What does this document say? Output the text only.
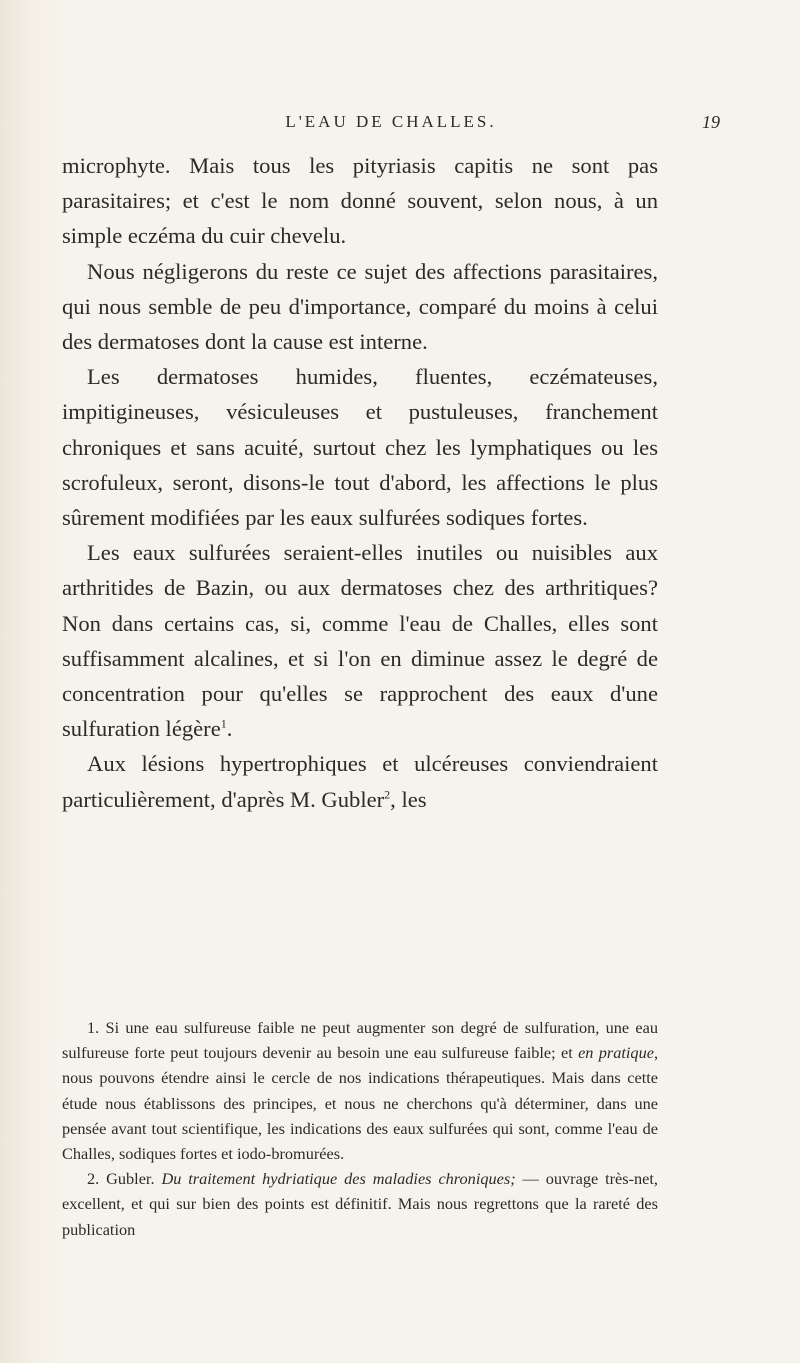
L'EAU DE CHALLES.	19

microphyte. Mais tous les pityriasis capitis ne sont pas parasitaires; et c'est le nom donné souvent, selon nous, à un simple eczéma du cuir chevelu.

Nous négligerons du reste ce sujet des affections parasitaires, qui nous semble de peu d'importance, comparé du moins à celui des dermatoses dont la cause est interne.

Les dermatoses humides, fluentes, eczémateuses, impitigineuses, vésiculeuses et pustuleuses, franchement chroniques et sans acuité, surtout chez les lymphatiques ou les scrofuleux, seront, disons-le tout d'abord, les affections le plus sûrement modifiées par les eaux sulfurées sodiques fortes.

Les eaux sulfurées seraient-elles inutiles ou nuisibles aux arthritides de Bazin, ou aux dermatoses chez des arthritiques? Non dans certains cas, si, comme l'eau de Challes, elles sont suffisamment alcalines, et si l'on en diminue assez le degré de concentration pour qu'elles se rapprochent des eaux d'une sulfuration légère$^1$.

Aux lésions hypertrophiques et ulcéreuses conviendraient particulièrement, d'après M. Gubler$^2$, les

1. Si une eau sulfureuse faible ne peut augmenter son degré de sulfuration, une eau sulfureuse forte peut toujours devenir au besoin une eau sulfureuse faible; et en pratique, nous pouvons étendre ainsi le cercle de nos indications thérapeutiques. Mais dans cette étude nous établissons des principes, et nous ne cherchons qu'à déterminer, dans une pensée avant tout scientifique, les indications des eaux sulfurées qui sont, comme l'eau de Challes, sodiques fortes et iodo-bromurées.

2. Gubler. Du traitement hydriatique des maladies chroniques; — ouvrage très-net, excellent, et qui sur bien des points est définitif. Mais nous regrettons que la rareté des publication
